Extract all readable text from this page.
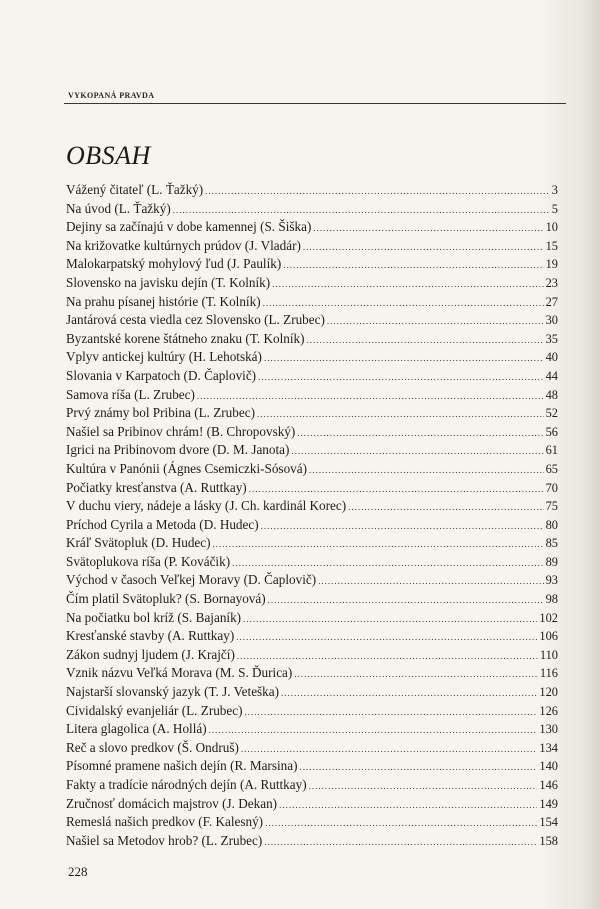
VYKOPANÁ PRAVDA
OBSAH
Vážený čitateľ (L. Ťažký) .....	3
Na úvod (L. Ťažký) .....	5
Dejiny sa začínajú v dobe kamennej (S. Šiška) .....	10
Na križovatke kultúrnych prúdov (J. Vladár) .....	15
Malokarpatský mohylový ľud (J. Paulík) .....	19
Slovensko na javisku dejín (T. Kolník) .....	23
Na prahu písanej histórie (T. Kolník) .....	27
Jantárová cesta viedla cez Slovensko (L. Zrubec) .....	30
Byzantské korene štátneho znaku (T. Kolník) .....	35
Vplyv antickej kultúry (H. Lehotská) .....	40
Slovania v Karpatoch (D. Čaplovič) .....	44
Samova ríša (L. Zrubec) .....	48
Prvý známy bol Pribina (L. Zrubec) .....	52
Našiel sa Pribinov chrám! (B. Chropovský) .....	56
Igrici na Pribinovom dvore (D. M. Janota) .....	61
Kultúra v Panónii (Ágnes Csemiczki-Sósová) .....	65
Počiatky kresťanstva (A. Ruttkay) .....	70
V duchu viery, nádeje a lásky (J. Ch. kardinál Korec) .....	75
Príchod Cyrila a Metoda (D. Hudec) .....	80
Kráľ Svätopluk (D. Hudec) .....	85
Svätoplukova ríša (P. Kováčik) .....	89
Východ v časoch Veľkej Moravy (D. Čaplovič) .....	93
Čím platil Svätopluk? (S. Bornayová) .....	98
Na počiatku bol kríž (S. Bajaník) .....	102
Kresťanské stavby (A. Ruttkay) .....	106
Zákon sudnyj ljudem (J. Krajčí) .....	110
Vznik názvu Veľká Morava (M. S. Ďurica) .....	116
Najstarší slovanský jazyk (T. J. Veteška) .....	120
Cividalský evanjeliár (L. Zrubec) .....	126
Litera glagolica (A. Hollá) .....	130
Reč a slovo predkov (Š. Ondruš) .....	134
Písomné pramene našich dejín (R. Marsina) .....	140
Fakty a tradície národných dejín (A. Ruttkay) .....	146
Zručnosť domácich majstrov (J. Dekan) .....	149
Remeslá našich predkov (F. Kalesný) .....	154
Našiel sa Metodov hrob? (L. Zrubec) .....	158
228
